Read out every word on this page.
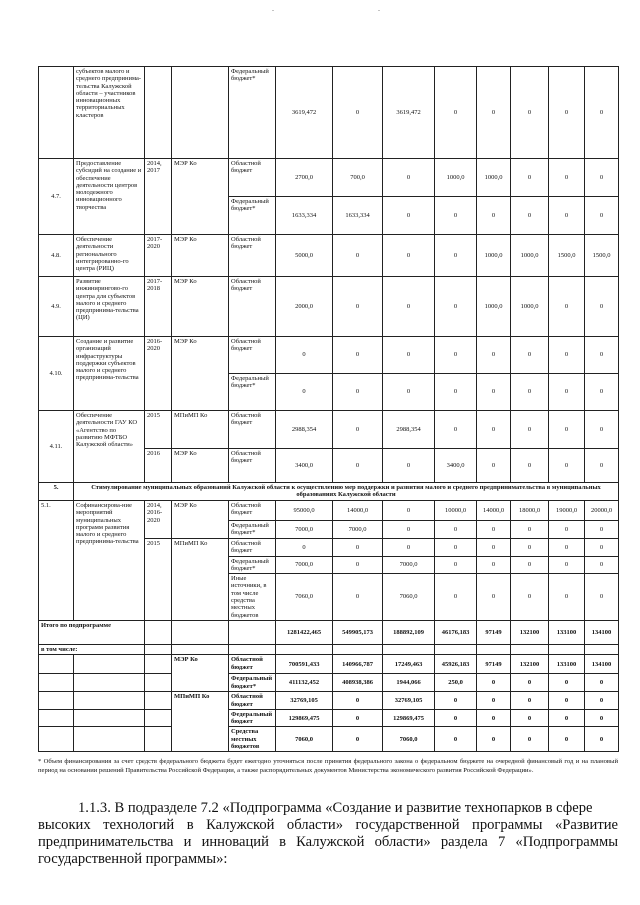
.	.
	субъектов малого и среднего предпринима-тельства Калужской области – участников инновационных территориальных кластеров			Федеральный бюджет*	3619,472	0	3619,472	0	0	0	0	0
4.7.	Предоставление субсидий на создание и обеспечение деятельности центров молодежного инновационного творчества	2014, 2017	МЭР Ко	Областной бюджет	2700,0	700,0	0	1000,0	1000,0	0	0	0
				Федеральный бюджет*	1633,334	1633,334	0	0	0	0	0	0
4.8.	Обеспечение деятельности регионального интегрированно-го центра (РИЦ)	2017-2020	МЭР Ко	Областной бюджет	5000,0	0	0	0	1000,0	1000,0	1500,0	1500,0
4.9.	Развитие инжинирингово-го центра для субъектов малого и среднего предпринима-тельства (ЦИ)	2017-2018	МЭР Ко	Областной бюджет	2000,0	0	0	0	1000,0	1000,0	0	0
4.10.	Создание и развитие организаций инфраструктуры поддержки субъектов малого и среднего предпринима-тельства	2016-2020	МЭР Ко	Областной бюджет	0	0	0	0	0	0	0	0
				Федеральный бюджет*	0	0	0	0	0	0	0	0
4.11.	Обеспечение деятельности ГАУ КО «Агентство по развитию МФТБО Калужской области»	2015	МПиМП Ко	Областной бюджет	2988,354	0	2988,354	0	0	0	0	0
		2016	МЭР Ко	Областной бюджет	3400,0	0	0	3400,0	0	0	0	0
5.	Стимулирование муниципальных образований Калужской области к осуществлению мер поддержки и развития малого и среднего предпринимательства в муниципальных образованиях Калужской области											
5.1.	Софинансирова-ние мероприятий муниципальных программ развития малого и среднего предпринима-тельства	2014, 2016-2020	МЭР Ко	Областной бюджет	95000,0	14000,0	0	10000,0	14000,0	18000,0	19000,0	20000,0
				Федеральный бюджет*	7000,0	7000,0	0	0	0	0	0	0
		2015	МПиМП Ко	Областной бюджет	0	0	0	0	0	0	0	0
				Федеральный бюджет*	7000,0	0	7000,0	0	0	0	0	0
				Иные источники, в том числе средства местных бюджетов	7060,0	0	7060,0	0	0	0	0	0
Итого по подпрограмме					1281422,465	549905,173	188892,109	46176,183	97149	132100	133100	134100
в том числе:												
			МЭР Ко	Областной бюджет	700591,433	140966,787	17249,463	45926,183	97149	132100	133100	134100
				Федеральный бюджет*	411132,452	408938,386	1944,066	250,0	0	0	0	0
			МПиМП Ко	Областной бюджет	32769,105	0	32769,105	0	0	0	0	0
				Федеральный бюджет	129869,475	0	129869,475	0	0	0	0	0
				Средства местных бюджетов	7060,0	0	7060,0	0	0	0	0	0
* Объем финансирования за счет средств федерального бюджета будет ежегодно уточняться после принятия федерального закона о федеральном бюджете на очередной финансовый год и на плановый период на основании решений Правительства Российской Федерации, а также распорядительных документов Министерства экономического развития Российской Федерации».
1.1.3. В подразделе 7.2 «Подпрограмма «Создание и развитие технопарков в сфере
высоких технологий в Калужской области» государственной программы «Развитие предпринимательства и инноваций в Калужской области» раздела 7 «Подпрограммы государственной программы»:
